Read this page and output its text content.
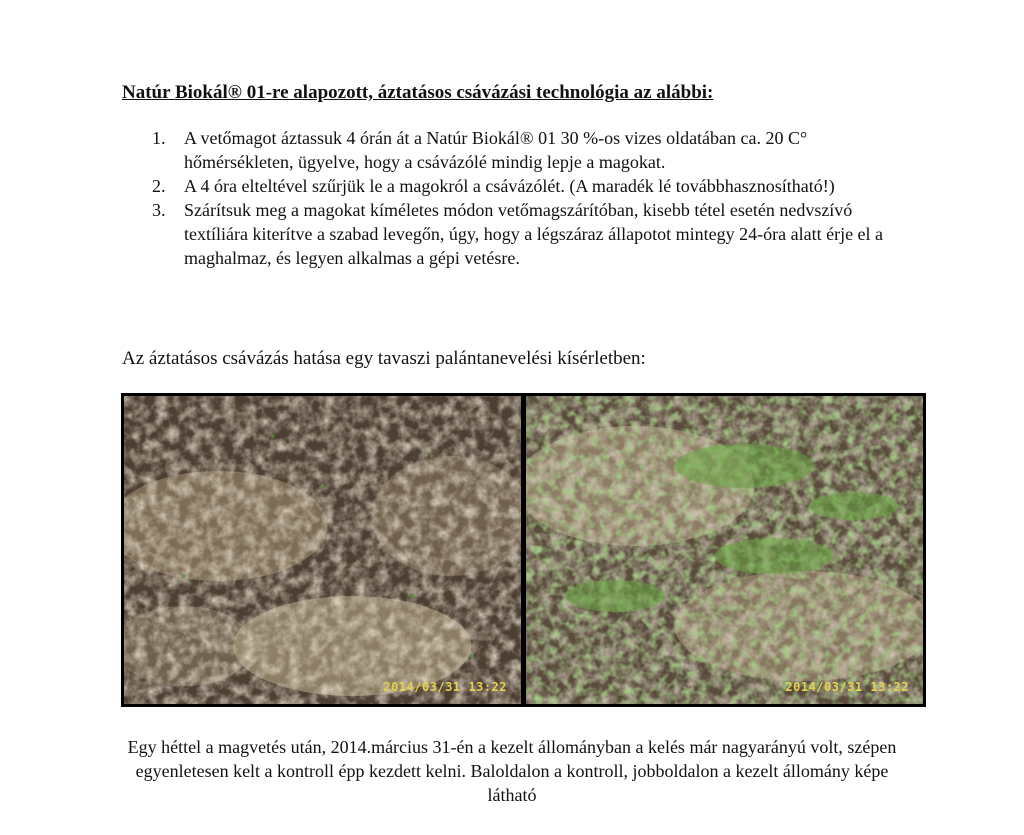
Natúr Biokál® 01-re alapozott, áztatásos csávázási technológia az alábbi:
1. A vetőmagot áztassuk 4 órán át a Natúr Biokál® 01 30 %-os vizes oldatában ca. 20 C° hőmérsékleten, ügyelve, hogy a csávázólé mindig lepje a magokat.
2. A 4 óra elteltével szűrjük le a magokról a csávázólét. (A maradék lé továbbhasznosítható!)
3. Szárítsuk meg a magokat kíméletes módon vetőmagszárítóban, kisebb tétel esetén nedvszívó textíliára kiterítve a szabad levegőn, úgy, hogy a légszáraz állapotot mintegy 24-óra alatt érje el a maghalmaz, és legyen alkalmas a gépi vetésre.
Az áztatásos csávázás hatása egy tavaszi palántanevelési kísérletben:
2014/03/31 13:22	2014/03/31 13:22
Egy héttel a magvetés után, 2014.március 31-én a kezelt állományban a kelés már nagyarányú volt, szépen egyenletesen kelt a kontroll épp kezdett kelni. Baloldalon a kontroll, jobboldalon a kezelt állomány képe látható
